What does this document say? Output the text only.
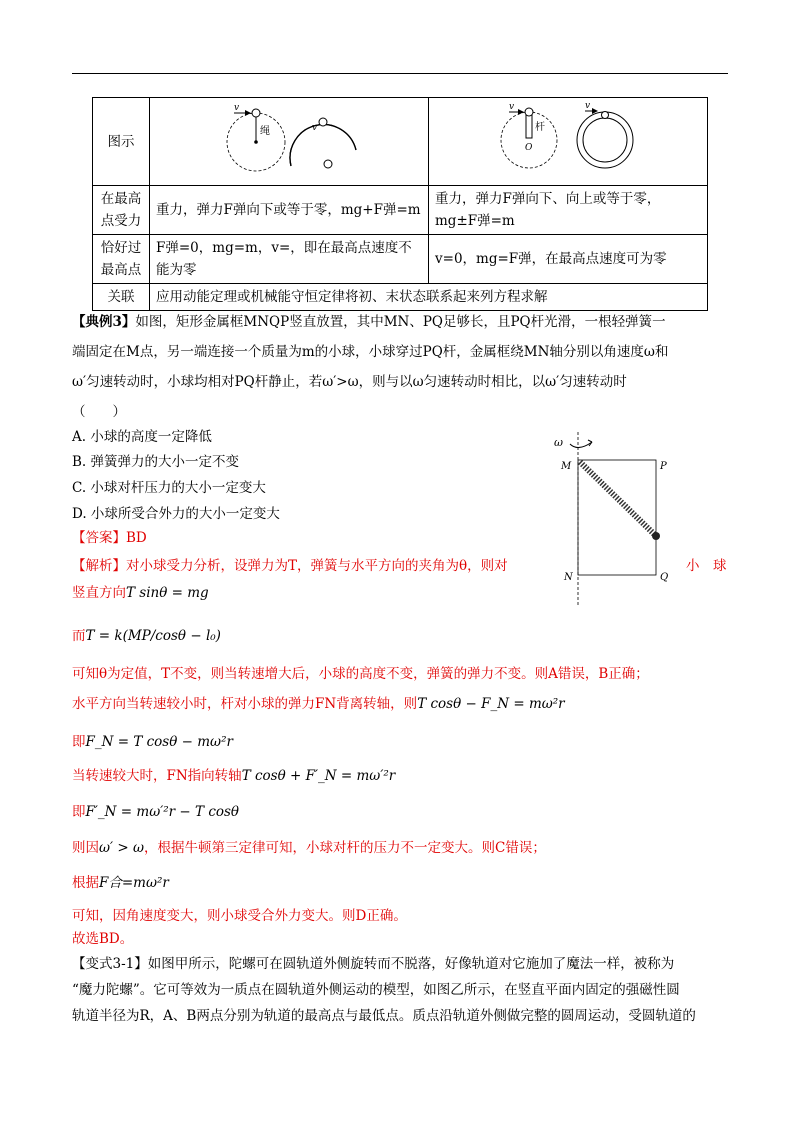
图示	v
绳 v	v
杆
O
v

在最高点受力	重力，弹力F弹向下或等于零，mg+F弹=m	重力，弹力F弹向下、向上或等于零，mg±F弹=m
恰好过最高点	F弹=0，mg=m，v=，即在最高点速度不能为零	v=0，mg=F弹，在最高点速度可为零
关联	应用动能定理或机械能守恒定律将初、末状态联系起来列方程求解	
【典例3】如图，矩形金属框MNQP竖直放置，其中MN、PQ足够长，且PQ杆光滑，一根轻弹簧一
端固定在M点，另一端连接一个质量为m的小球，小球穿过PQ杆，金属框绕MN轴分别以角速度ω和
ω′匀速转动时，小球均相对PQ杆静止，若ω′>ω，则与以ω匀速转动时相比，以ω′匀速转动时
（　　）
A. 小球的高度一定降低
B. 弹簧弹力的大小一定不变
C. 小球对杆压力的大小一定变大
D. 小球所受合外力的大小一定变大
【答案】BD
ω
M	P
N	Q
【解析】对小球受力分析，设弹力为T，弹簧与水平方向的夹角为θ，则对	小　球
竖直方向T sinθ = mg
而T = k(MP/cosθ − l₀)
可知θ为定值，T不变，则当转速增大后，小球的高度不变，弹簧的弹力不变。则A错误，B正确；
水平方向当转速较小时，杆对小球的弹力FN背离转轴，则T cosθ − F_N = mω²r
即F_N = T cosθ − mω²r
当转速较大时，FN指向转轴T cosθ + F′_N = mω′²r
即F′_N = mω′²r − T cosθ
则因ω′ > ω，根据牛顿第三定律可知，小球对杆的压力不一定变大。则C错误；
根据F合=mω²r
可知，因角速度变大，则小球受合外力变大。则D正确。
故选BD。
【变式3-1】如图甲所示，陀螺可在圆轨道外侧旋转而不脱落，好像轨道对它施加了魔法一样，被称为
“魔力陀螺”。它可等效为一质点在圆轨道外侧运动的模型，如图乙所示，在竖直平面内固定的强磁性圆
轨道半径为R，A、B两点分别为轨道的最高点与最低点。质点沿轨道外侧做完整的圆周运动，受圆轨道的
